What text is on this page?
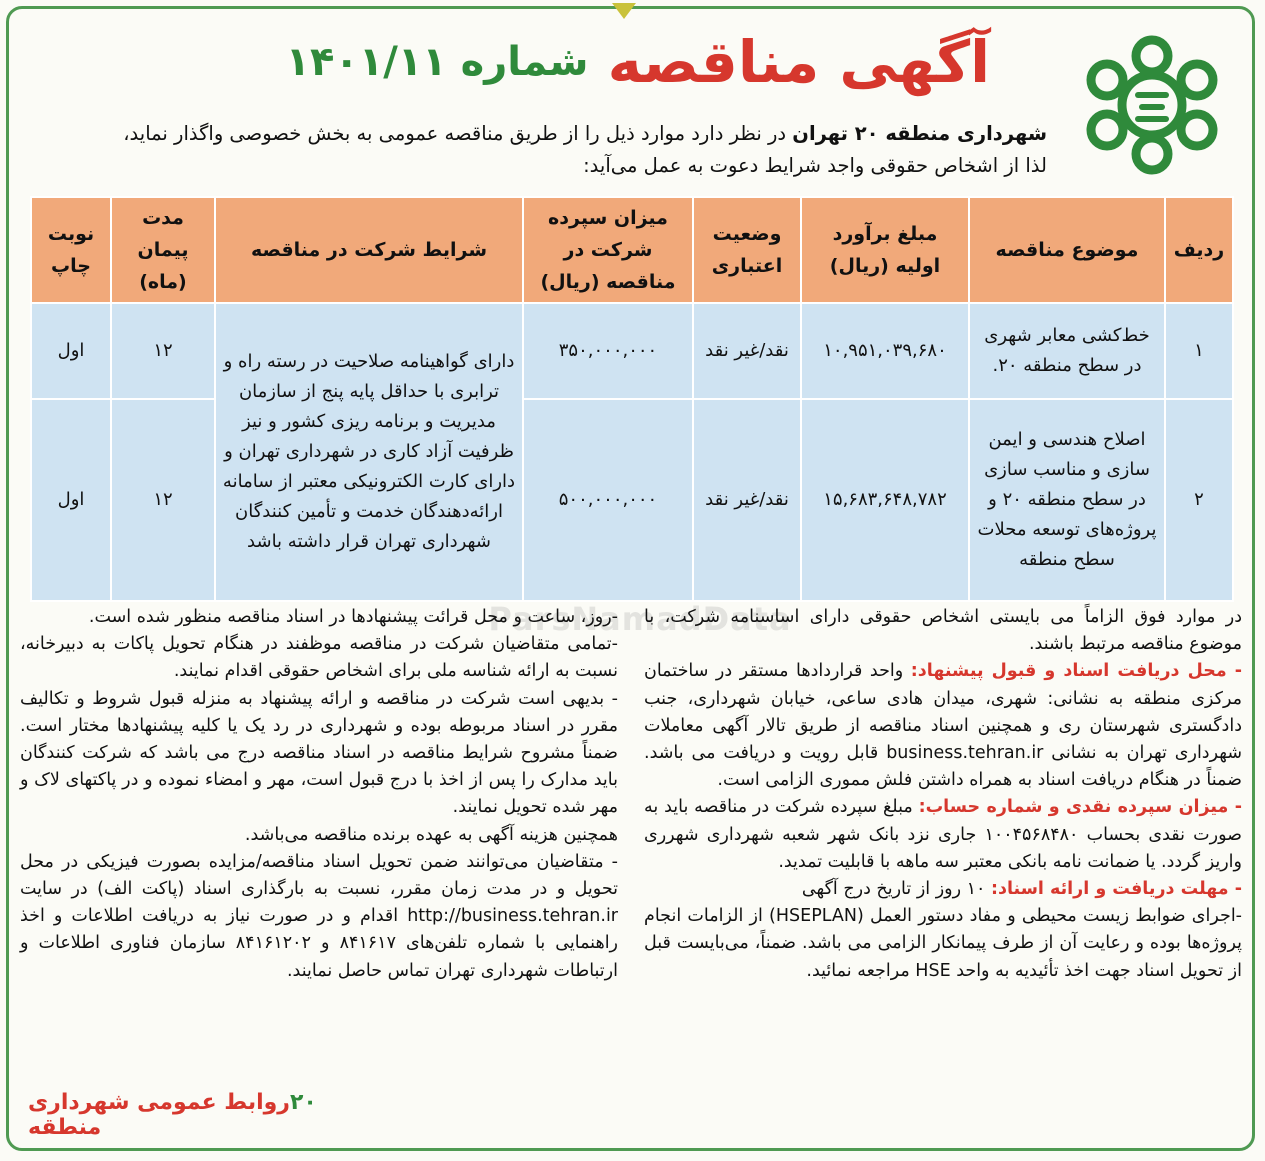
آگهی مناقصه شماره ۱۴۰۱/۱۱
شهرداری منطقه ۲۰ تهران در نظر دارد موارد ذیل را از طریق مناقصه عمومی به بخش خصوصی واگذار نماید،
لذا از اشخاص حقوقی واجد شرایط دعوت به عمل می‌آید:
ردیف	موضوع مناقصه	مبلغ برآورد اولیه (ریال)	وضعیت اعتباری	میزان سپرده شرکت در مناقصه (ریال)	شرایط شرکت در مناقصه	مدت پیمان (ماه)	نوبت چاپ
۱	خط‌کشی معابر شهری در سطح منطقه ۲۰.	۱۰,۹۵۱,۰۳۹,۶۸۰	نقد/غیر نقد	۳۵۰,۰۰۰,۰۰۰	دارای گواهینامه صلاحیت در رسته راه و ترابری با حداقل پایه پنج از سازمان مدیریت و برنامه ریزی کشور و نیز ظرفیت آزاد کاری در شهرداری تهران و دارای کارت الکترونیکی معتبر از سامانه ارائه‌دهندگان خدمت و تأمین کنندگان شهرداری تهران قرار داشته باشد	۱۲	اول
۲	اصلاح هندسی و ایمن سازی و مناسب سازی در سطح منطقه ۲۰ و پروژه‌های توسعه محلات سطح منطقه	۱۵,۶۸۳,۶۴۸,۷۸۲	نقد/غیر نقد	۵۰۰,۰۰۰,۰۰۰		۱۲	اول
ParsNamadData

در موارد فوق الزاماً می بایستی اشخاص حقوقی دارای اساسنامه شرکت، با موضوع مناقصه مرتبط باشند.

- محل دریافت اسناد و قبول پیشنهاد: واحد قراردادها مستقر در ساختمان مرکزی منطقه به نشانی: شهری، میدان هادی ساعی، خیابان شهرداری، جنب دادگستری شهرستان ری و همچنین اسناد مناقصه از طریق تالار آگهی معاملات شهرداری تهران به نشانی business.tehran.ir قابل رویت و دریافت می باشد. ضمناً در هنگام دریافت اسناد به همراه داشتن فلش مموری الزامی است.

- میزان سپرده نقدی و شماره حساب: مبلغ سپرده شرکت در مناقصه باید به صورت نقدی بحساب ۱۰۰۴۵۶۸۴۸۰ جاری نزد بانک شهر شعبه شهرداری شهرری واریز گردد. یا ضمانت نامه بانکی معتبر سه ماهه با قابلیت تمدید.

- مهلت دریافت و ارائه اسناد: ۱۰ روز از تاریخ درج آگهی

-اجرای ضوابط زیست محیطی و مفاد دستور العمل (HSEPLAN) از الزامات انجام پروژه‌ها بوده و رعایت آن از طرف پیمانکار الزامی می باشد. ضمناً، می‌بایست قبل از تحویل اسناد جهت اخذ تأئیدیه به واحد HSE مراجعه نمائید.

-روز، ساعت و محل قرائت پیشنهادها در اسناد مناقصه منظور شده است.

-تمامی متقاضیان شرکت در مناقصه موظفند در هنگام تحویل پاکات به دبیرخانه، نسبت به ارائه شناسه ملی برای اشخاص حقوقی اقدام نمایند.

- بدیهی است شرکت در مناقصه و ارائه پیشنهاد به منزله قبول شروط و تکالیف مقرر در اسناد مربوطه بوده و شهرداری در رد یک یا کلیه پیشنهادها مختار است. ضمناً مشروح شرایط مناقصه در اسناد مناقصه درج می باشد که شرکت کنندگان باید مدارک را پس از اخذ با درج قبول است، مهر و امضاء نموده و در پاکتهای لاک و مهر شده تحویل نمایند.

همچنین هزینه آگهی به عهده برنده مناقصه می‌باشد.

- متقاضیان می‌توانند ضمن تحویل اسناد مناقصه/مزایده بصورت فیزیکی در محل تحویل و در مدت زمان مقرر، نسبت به بارگذاری اسناد (پاکت الف) در سایت http://business.tehran.ir اقدام و در صورت نیاز به دریافت اطلاعات و اخذ راهنمایی با شماره تلفن‌های ۸۴۱۶۱۷ و ۸۴۱۶۱۲۰۲ سازمان فناوری اطلاعات و ارتباطات شهرداری تهران تماس حاصل نمایند.

۲۰روابط عمومی شهرداری منطقه
